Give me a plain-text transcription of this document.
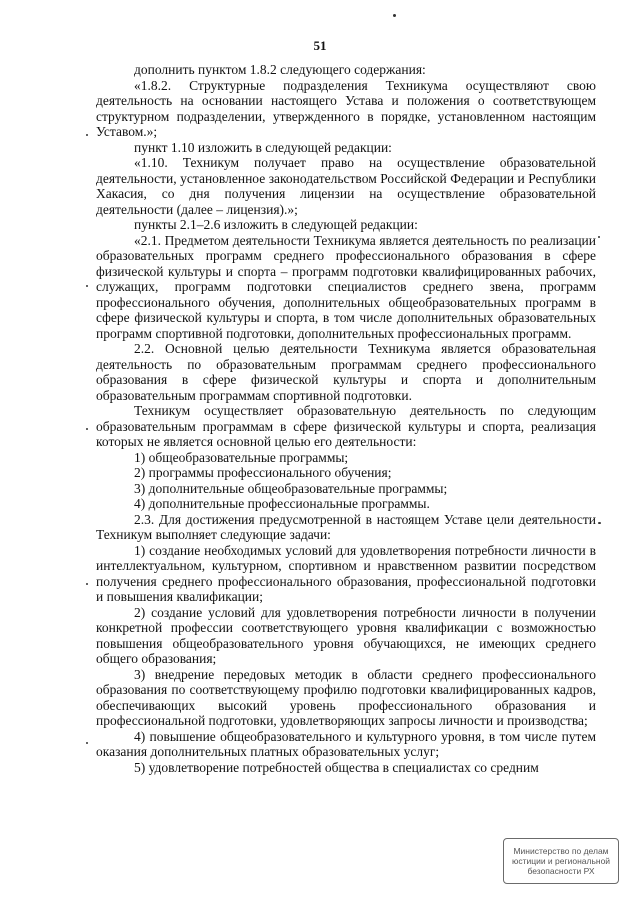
51

дополнить пунктом 1.8.2 следующего содержания:

«1.8.2. Структурные подразделения Техникума осуществляют свою деятельность на основании настоящего Устава и положения о соответствующем структурном подразделении, утвержденного в порядке, установленном настоящим Уставом.»;

пункт 1.10 изложить в следующей редакции:

«1.10. Техникум получает право на осуществление образовательной деятельности, установленное законодательством Российской Федерации и Республики Хакасия, со дня получения лицензии на осуществление образовательной деятельности (далее – лицензия).»;

пункты 2.1–2.6 изложить в следующей редакции:

«2.1. Предметом деятельности Техникума является деятельность по реализации образовательных программ среднего профессионального образования в сфере физической культуры и спорта – программ подготовки квалифицированных рабочих, служащих, программ подготовки специалистов среднего звена, программ профессионального обучения, дополнительных общеобразовательных программ в сфере физической культуры и спорта, в том числе дополнительных образовательных программ спортивной подготовки, дополнительных профессиональных программ.

2.2. Основной целью деятельности Техникума является образовательная деятельность по образовательным программам среднего профессионального образования в сфере физической культуры и спорта и дополнительным образовательным программам спортивной подготовки.

Техникум осуществляет образовательную деятельность по следующим образовательным программам в сфере физической культуры и спорта, реализация которых не является основной целью его деятельности:

1) общеобразовательные программы;

2) программы профессионального обучения;

3) дополнительные общеобразовательные программы;

4) дополнительные профессиональные программы.

2.3. Для достижения предусмотренной в настоящем Уставе цели деятельности Техникум выполняет следующие задачи:

1) создание необходимых условий для удовлетворения потребности личности в интеллектуальном, культурном, спортивном и нравственном развитии посредством получения среднего профессионального образования, профессиональной подготовки и повышения квалификации;

2) создание условий для удовлетворения потребности личности в получении конкретной профессии соответствующего уровня квалификации с возможностью повышения общеобразовательного уровня обучающихся, не имеющих среднего общего образования;

3) внедрение передовых методик в области среднего профессионального образования по соответствующему профилю подготовки квалифицированных кадров, обеспечивающих высокий уровень профессионального образования и профессиональной подготовки, удовлетворяющих запросы личности и производства;

4) повышение общеобразовательного и культурного уровня, в том числе путем оказания дополнительных платных образовательных услуг;

5) удовлетворение потребностей общества в специалистах со средним

Министерство по делам
юстиции и региональной
безопасности РХ
